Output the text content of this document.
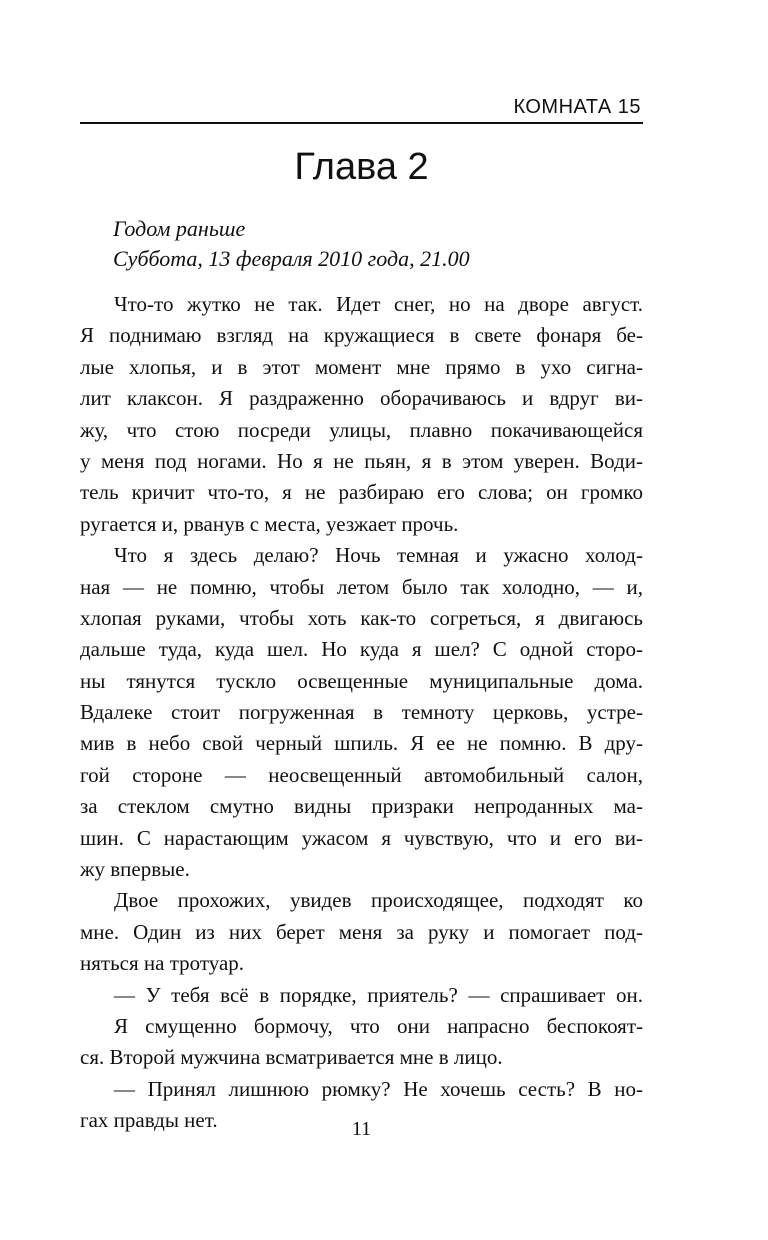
КОМНАТА 15
Глава 2
Годом раньше
Суббота, 13 февраля 2010 года, 21.00
Что-то жутко не так. Идет снег, но на дворе август.
Я поднимаю взгляд на кружащиеся в свете фонаря бе-
лые хлопья, и в этот момент мне прямо в ухо сигна-
лит клаксон. Я раздраженно оборачиваюсь и вдруг ви-
жу, что стою посреди улицы, плавно покачивающейся
у меня под ногами. Но я не пьян, я в этом уверен. Води-
тель кричит что-то, я не разбираю его слова; он громко
ругается и, рванув с места, уезжает прочь.
Что я здесь делаю? Ночь темная и ужасно холод-
ная — не помню, чтобы летом было так холодно, — и,
хлопая руками, чтобы хоть как-то согреться, я двигаюсь
дальше туда, куда шел. Но куда я шел? С одной сторо-
ны тянутся тускло освещенные муниципальные дома.
Вдалеке стоит погруженная в темноту церковь, устре-
мив в небо свой черный шпиль. Я ее не помню. В дру-
гой стороне — неосвещенный автомобильный салон,
за стеклом смутно видны призраки непроданных ма-
шин. С нарастающим ужасом я чувствую, что и его ви-
жу впервые.
Двое прохожих, увидев происходящее, подходят ко
мне. Один из них берет меня за руку и помогает под-
няться на тротуар.
— У тебя всё в порядке, приятель? — спрашивает он.
Я смущенно бормочу, что они напрасно беспокоят-
ся. Второй мужчина всматривается мне в лицо.
— Принял лишнюю рюмку? Не хочешь сесть? В но-
гах правды нет.	11
